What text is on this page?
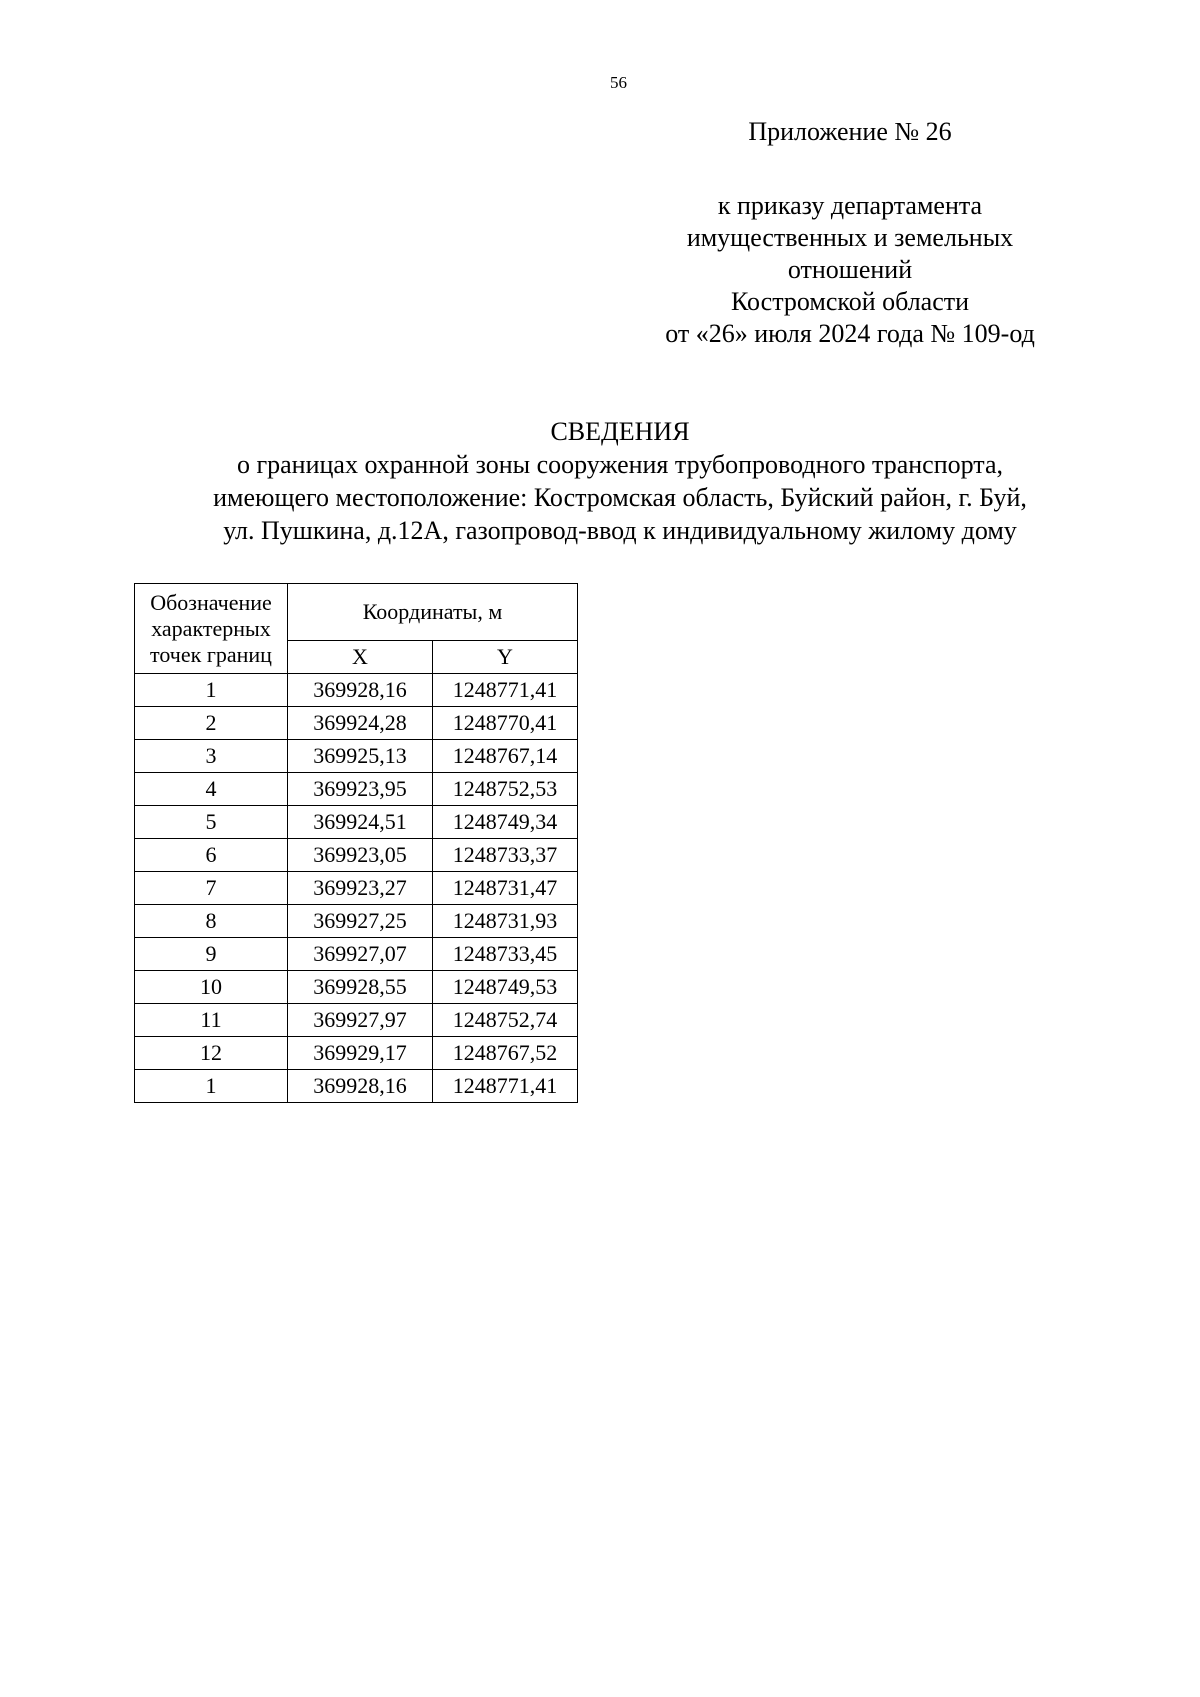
56
Приложение № 26
к приказу департамента
имущественных и земельных
отношений
Костромской области
от «26» июля 2024 года № 109-од
СВЕДЕНИЯ
о границах охранной зоны сооружения трубопроводного транспорта,
имеющего местоположение: Костромская область, Буйский район, г. Буй,
ул. Пушкина, д.12А, газопровод-ввод к индивидуальному жилому дому
Обозначение
характерных
точек границ	Координаты, м	
	X	Y
1	369928,16	1248771,41
2	369924,28	1248770,41
3	369925,13	1248767,14
4	369923,95	1248752,53
5	369924,51	1248749,34
6	369923,05	1248733,37
7	369923,27	1248731,47
8	369927,25	1248731,93
9	369927,07	1248733,45
10	369928,55	1248749,53
11	369927,97	1248752,74
12	369929,17	1248767,52
1	369928,16	1248771,41
